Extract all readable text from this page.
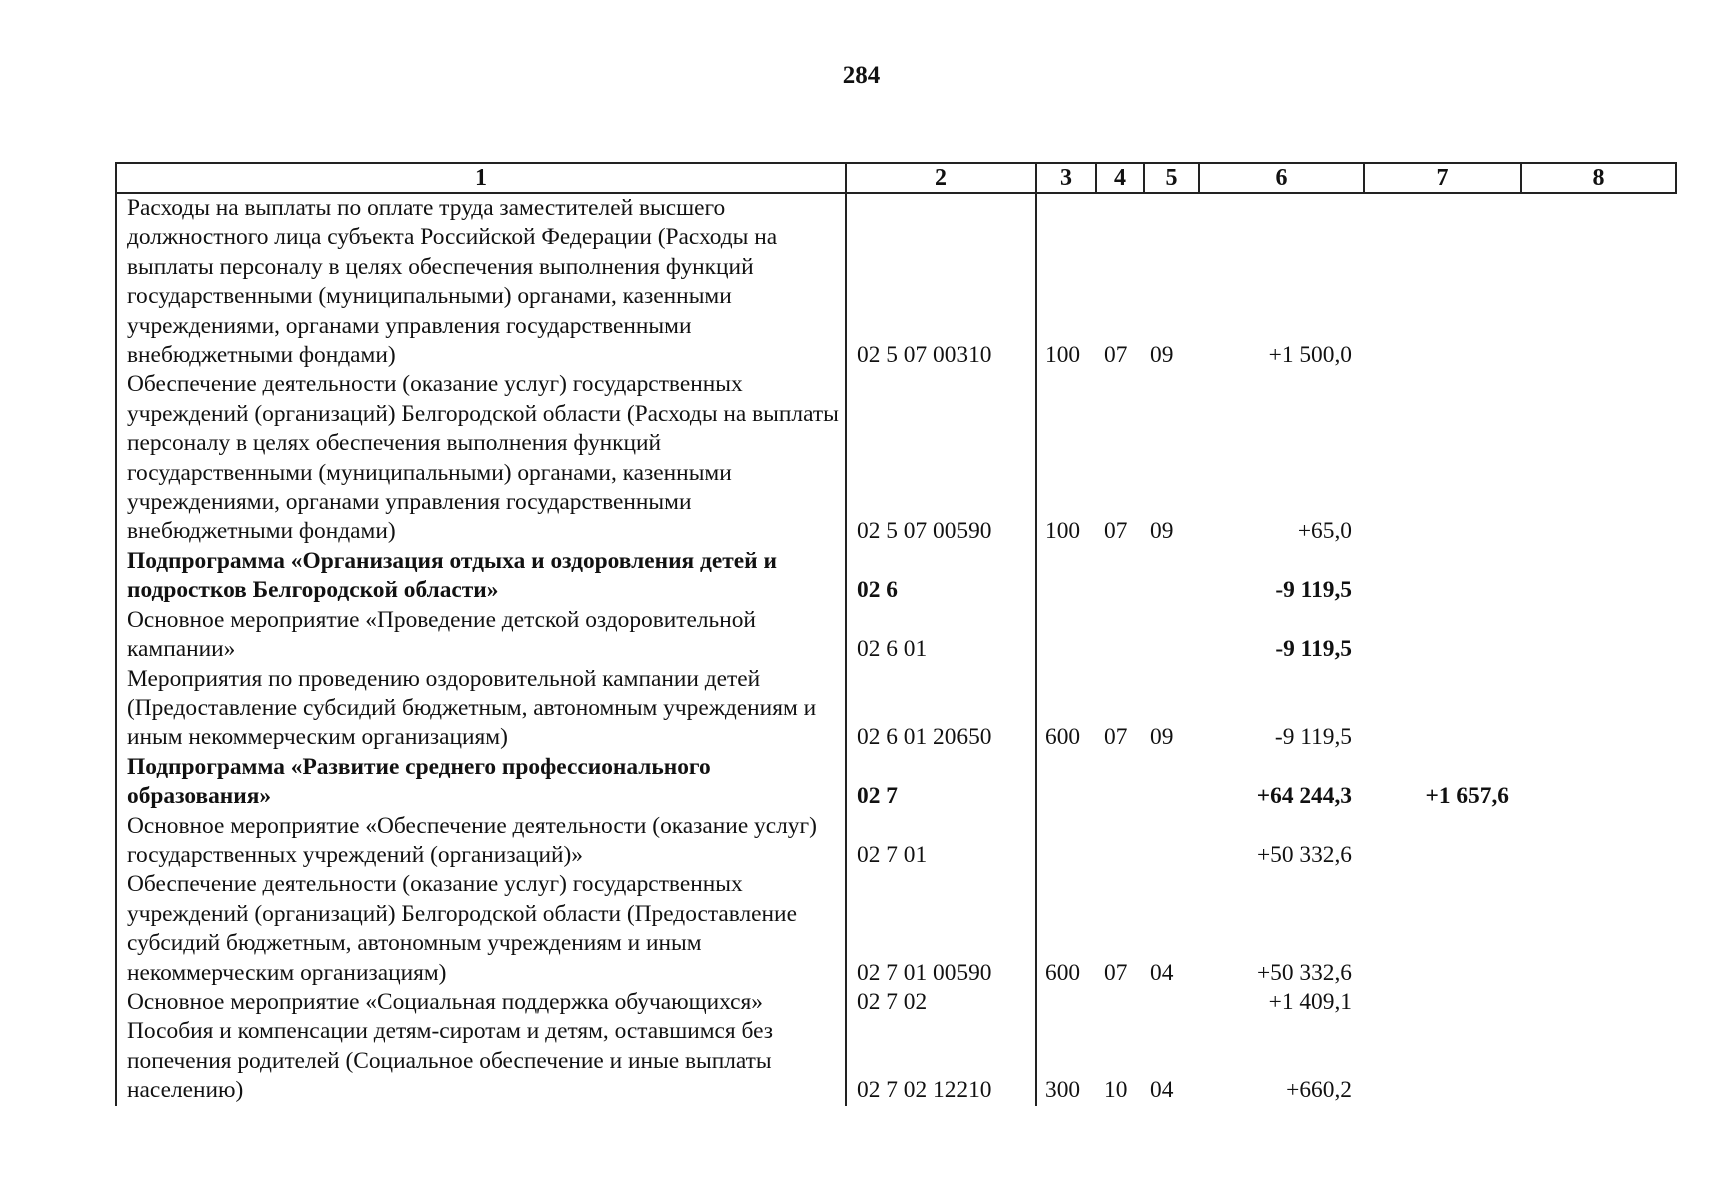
284
1	2	3	4	5	6	7	8
Расходы на выплаты по оплате труда заместителей высшего должностного лица субъекта Российской Федерации (Расходы на выплаты персоналу в целях обеспечения выполнения функций государственными (муниципальными) органами, казенными учреждениями, органами управления государственными внебюджетными фондами)	02 5 07 00310	100	07	09	+1 500,0		
Обеспечение деятельности (оказание услуг) государственных учреждений (организаций) Белгородской области (Расходы на выплаты персоналу в целях обеспечения выполнения функций государственными (муниципальными) органами, казенными учреждениями, органами управления государственными внебюджетными фондами)	02 5 07 00590	100	07	09	+65,0		
Подпрограмма «Организация отдыха и оздоровления детей и подростков Белгородской области»	02 6				-9 119,5		
Основное мероприятие «Проведение детской оздоровительной кампании»	02 6 01				-9 119,5		
Мероприятия по проведению оздоровительной кампании детей (Предоставление субсидий бюджетным, автономным учреждениям и иным некоммерческим организациям)	02 6 01 20650	600	07	09	-9 119,5		
Подпрограмма «Развитие среднего профессионального образования»	02 7				+64 244,3	+1 657,6	
Основное мероприятие «Обеспечение деятельности (оказание услуг) государственных учреждений (организаций)»	02 7 01				+50 332,6		
Обеспечение деятельности (оказание услуг) государственных учреждений (организаций) Белгородской области (Предоставление субсидий бюджетным, автономным учреждениям и иным некоммерческим организациям)	02 7 01 00590	600	07	04	+50 332,6		
Основное мероприятие «Социальная поддержка обучающихся»	02 7 02				+1 409,1		
Пособия и компенсации детям-сиротам и детям, оставшимся без попечения родителей (Социальное обеспечение и иные выплаты населению)	02 7 02 12210	300	10	04	+660,2		
